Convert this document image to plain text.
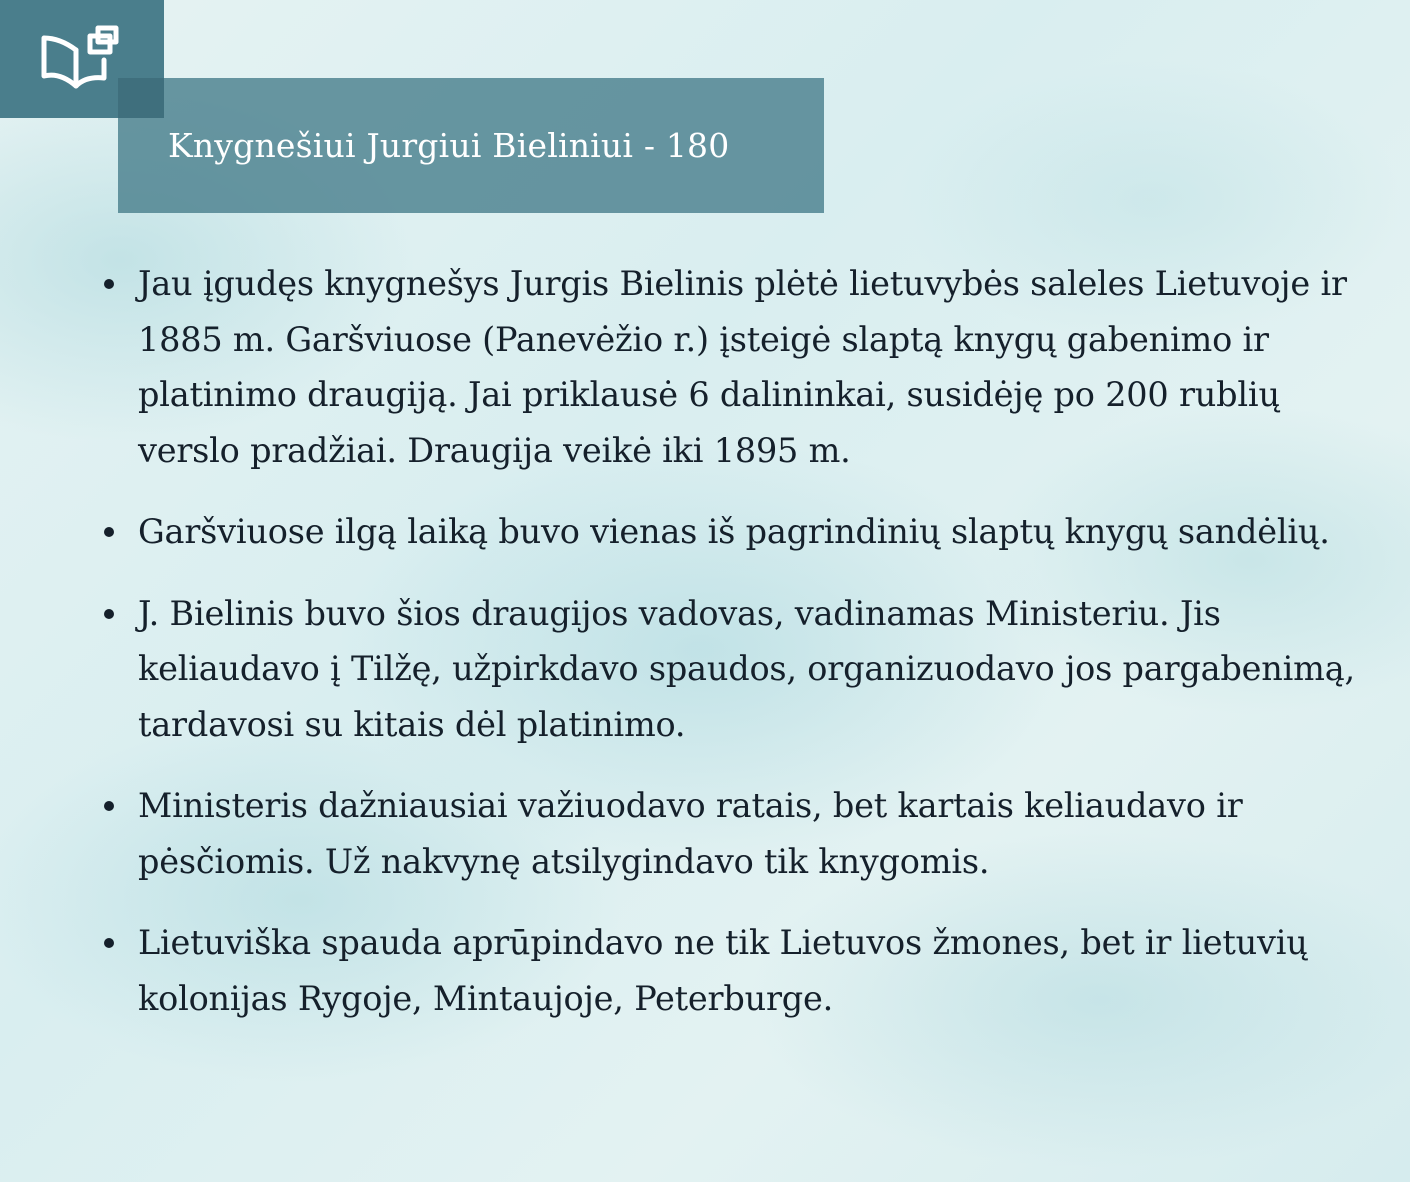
Knygnešiui Jurgiui Bieliniui - 180
Jau įgudęs knygnešys Jurgis Bielinis plėtė lietuvybės saleles Lietuvoje ir 1885 m. Garšviuose (Panevėžio r.) įsteigė slaptą knygų gabenimo ir platinimo draugiją. Jai priklausė 6 dalininkai, susidėję po 200 rublių verslo pradžiai. Draugija veikė iki 1895 m.
Garšviuose ilgą laiką buvo vienas iš pagrindinių slaptų knygų sandėlių.
J. Bielinis buvo šios draugijos vadovas, vadinamas Ministeriu. Jis keliaudavo į Tilžę, užpirkdavo spaudos, organizuodavo jos pargabenimą, tardavosi su kitais dėl platinimo.
Ministeris dažniausiai važiuodavo ratais, bet kartais keliaudavo ir pėsčiomis. Už nakvynę atsilygindavo tik knygomis.
Lietuviška spauda aprūpindavo ne tik Lietuvos žmones, bet ir lietuvių kolonijas Rygoje, Mintaujoje, Peterburge.
